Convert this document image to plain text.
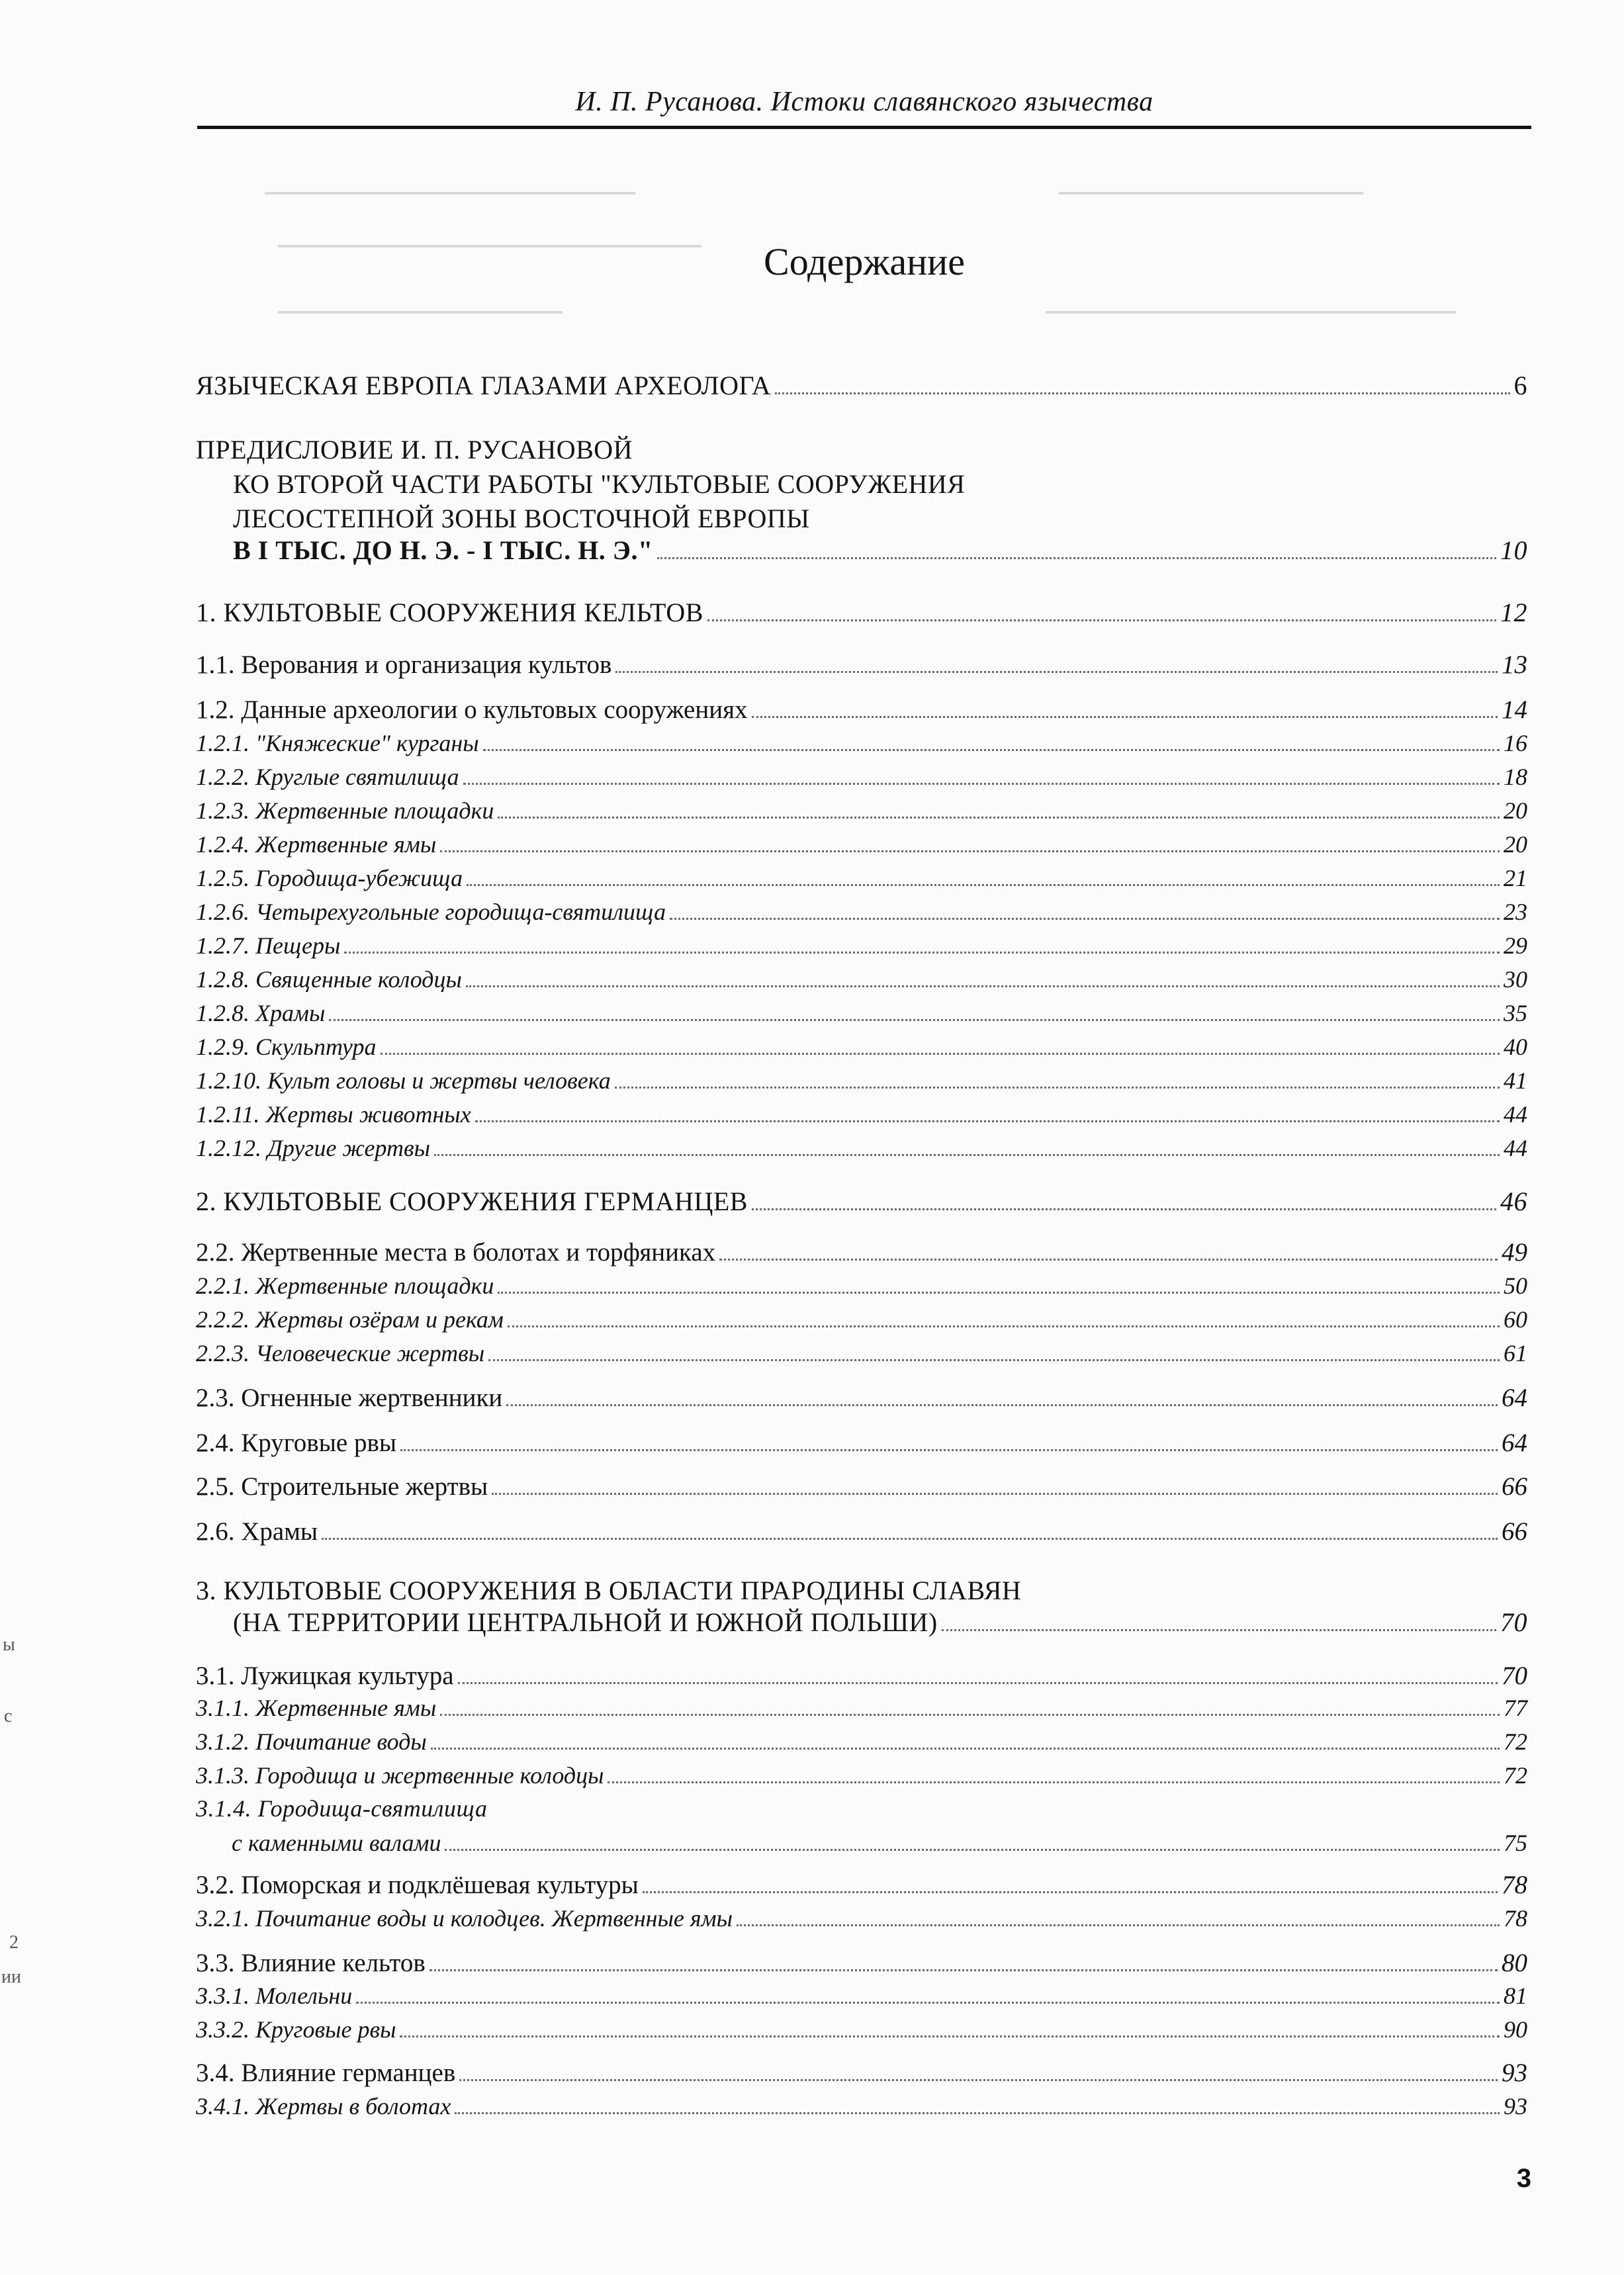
И. П. Русанова. Истоки славянского язычества
Содержание
ЯЗЫЧЕСКАЯ ЕВРОПА ГЛАЗАМИ АРХЕОЛОГА	6
ПРЕДИСЛОВИЕ И. П. РУСАНОВОЙ
КО ВТОРОЙ ЧАСТИ РАБОТЫ "КУЛЬТОВЫЕ СООРУЖЕНИЯ
ЛЕСОСТЕПНОЙ ЗОНЫ ВОСТОЧНОЙ ЕВРОПЫ
В I ТЫС. ДО Н. Э. - I ТЫС. Н. Э."	10
1. КУЛЬТОВЫЕ СООРУЖЕНИЯ КЕЛЬТОВ	12
1.1. Верования и организация культов	13
1.2. Данные археологии о культовых сооружениях	14
1.2.1. "Княжеские" курганы	16
1.2.2. Круглые святилища	18
1.2.3. Жертвенные площадки	20
1.2.4. Жертвенные ямы	20
1.2.5. Городища-убежища	21
1.2.6. Четырехугольные городища-святилища	23
1.2.7. Пещеры	29
1.2.8. Священные колодцы	30
1.2.8. Храмы	35
1.2.9. Скульптура	40
1.2.10. Культ головы и жертвы человека	41
1.2.11. Жертвы животных	44
1.2.12. Другие жертвы	44
2. КУЛЬТОВЫЕ СООРУЖЕНИЯ ГЕРМАНЦЕВ	46
2.2. Жертвенные места в болотах и торфяниках	49
2.2.1. Жертвенные площадки	50
2.2.2. Жертвы озёрам и рекам	60
2.2.3. Человеческие жертвы	61
2.3. Огненные жертвенники	64
2.4. Круговые рвы	64
2.5. Строительные жертвы	66
2.6. Храмы	66
3. КУЛЬТОВЫЕ СООРУЖЕНИЯ В ОБЛАСТИ ПРАРОДИНЫ СЛАВЯН
(НА ТЕРРИТОРИИ ЦЕНТРАЛЬНОЙ И ЮЖНОЙ ПОЛЬШИ)	70
3.1. Лужицкая культура	70
3.1.1. Жертвенные ямы	77
3.1.2. Почитание воды	72
3.1.3. Городища и жертвенные колодцы	72
3.1.4. Городища-святилища
с каменными валами	75
3.2. Поморская и подклёшевая культуры	78
3.2.1. Почитание воды и колодцев. Жертвенные ямы	78
3.3. Влияние кельтов	80
3.3.1. Молельни	81
3.3.2. Круговые рвы	90
3.4. Влияние германцев	93
3.4.1. Жертвы в болотах	93
ы
с
2
ии
3
